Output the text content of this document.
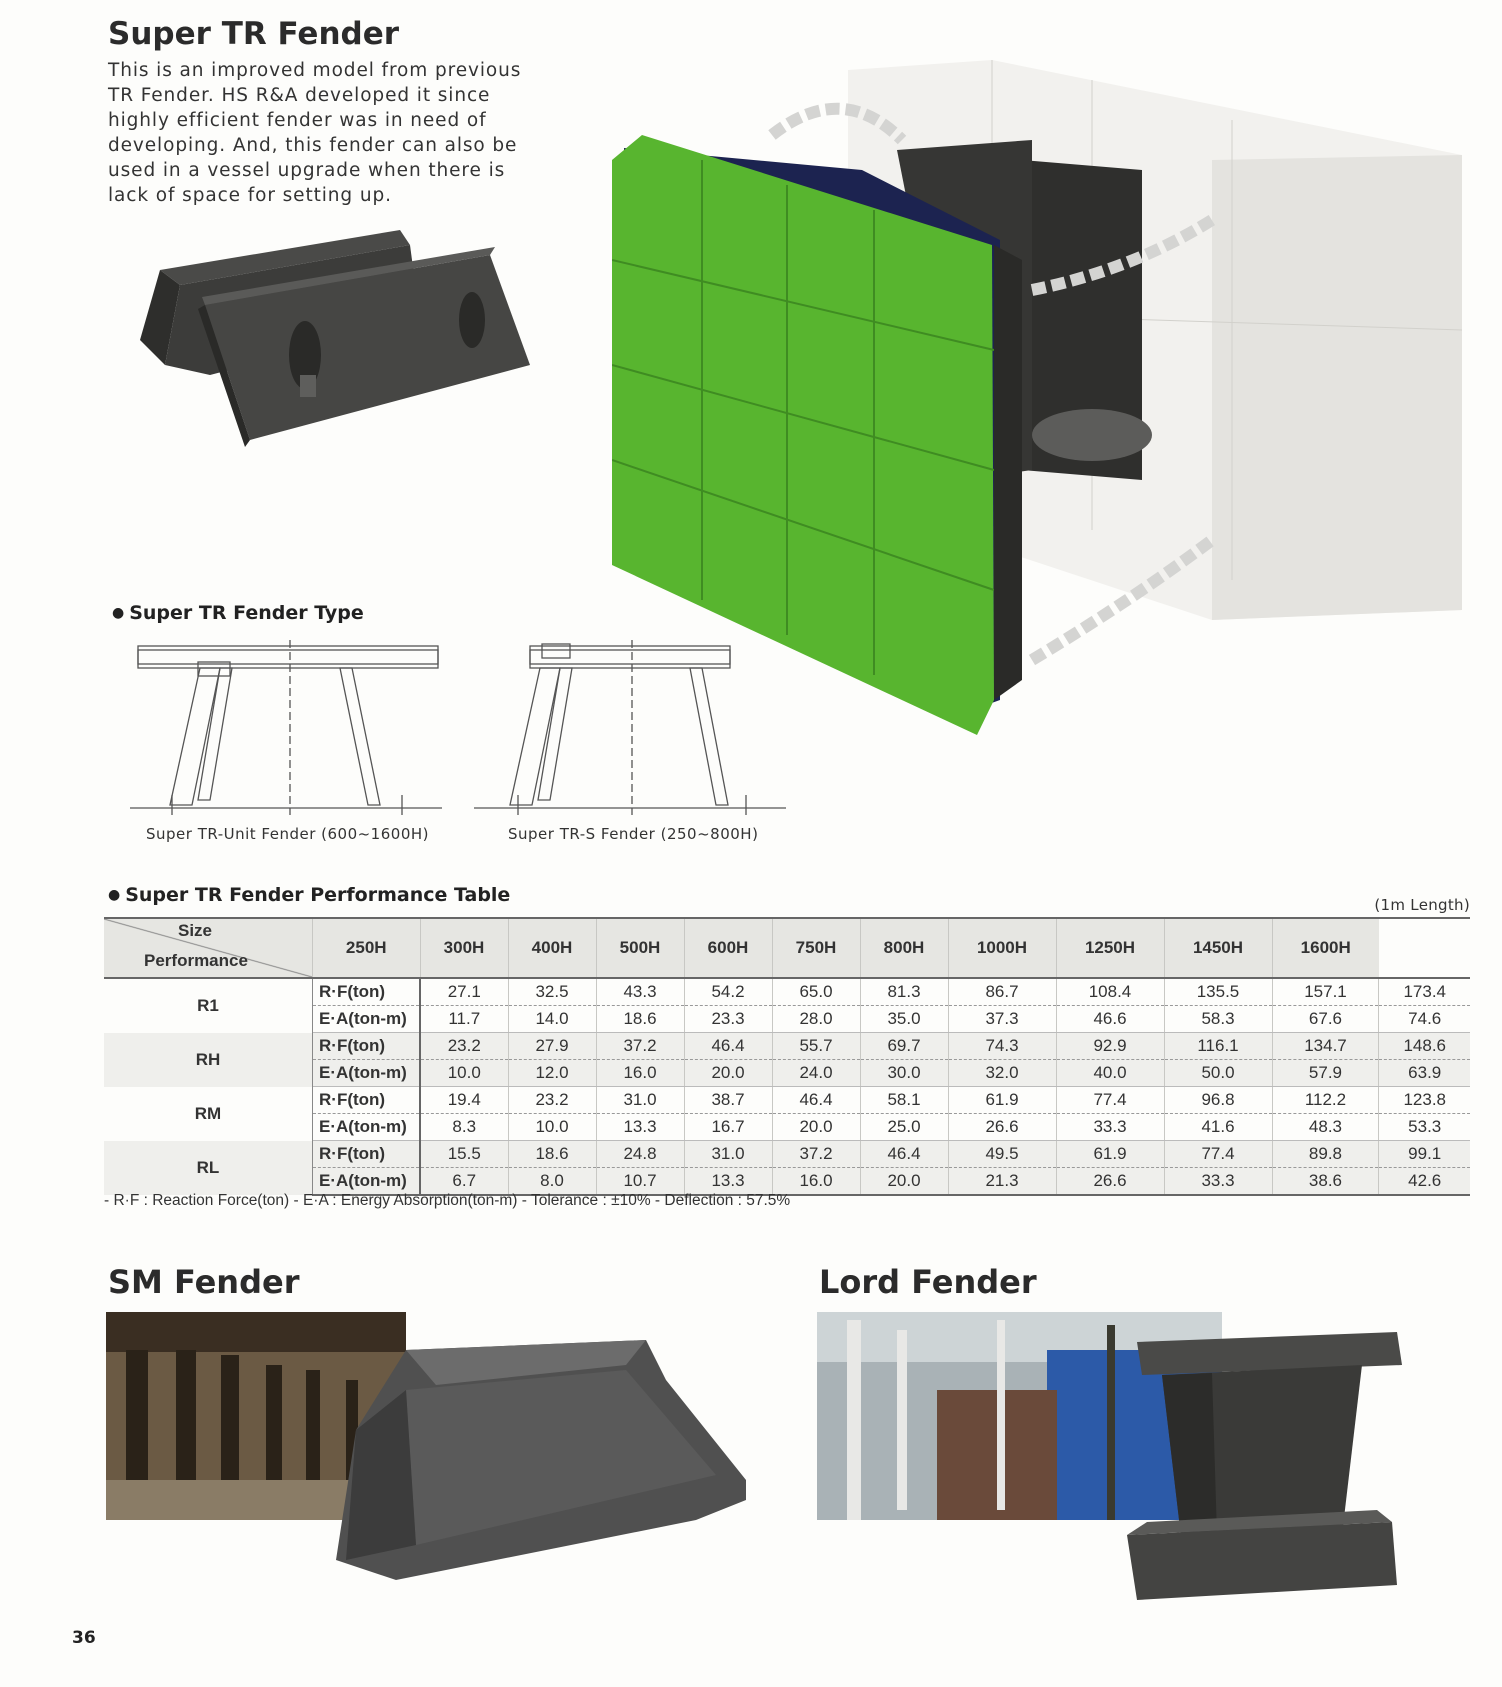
Super TR Fender

This is an improved model from previous TR Fender. HS R&A developed it since highly efficient fender was in need of developing. And, this fender can also be used in a vessel upgrade when there is lack of space for setting up.

● Super TR Fender Type
Super TR-Unit Fender (600~1600H)	Super TR-S Fender (250~800H)
● Super TR Fender Performance Table	(1m Length)
Size
Performance	250H	300H	400H	500H	600H	750H	800H	1000H	1250H	1450H	1600H	
R1	R·F(ton)	27.1	32.5	43.3	54.2	65.0	81.3	86.7	108.4	135.5	157.1	173.4
	E·A(ton-m)	11.7	14.0	18.6	23.3	28.0	35.0	37.3	46.6	58.3	67.6	74.6
RH	R·F(ton)	23.2	27.9	37.2	46.4	55.7	69.7	74.3	92.9	116.1	134.7	148.6
	E·A(ton-m)	10.0	12.0	16.0	20.0	24.0	30.0	32.0	40.0	50.0	57.9	63.9
RM	R·F(ton)	19.4	23.2	31.0	38.7	46.4	58.1	61.9	77.4	96.8	112.2	123.8
	E·A(ton-m)	8.3	10.0	13.3	16.7	20.0	25.0	26.6	33.3	41.6	48.3	53.3
RL	R·F(ton)	15.5	18.6	24.8	31.0	37.2	46.4	49.5	61.9	77.4	89.8	99.1
	E·A(ton-m)	6.7	8.0	10.7	13.3	16.0	20.0	21.3	26.6	33.3	38.6	42.6
- R·F : Reaction Force(ton) - E·A : Energy Absorption(ton-m) - Tolerance : ±10% - Deflection : 57.5%
SM Fender	Lord Fender
36
